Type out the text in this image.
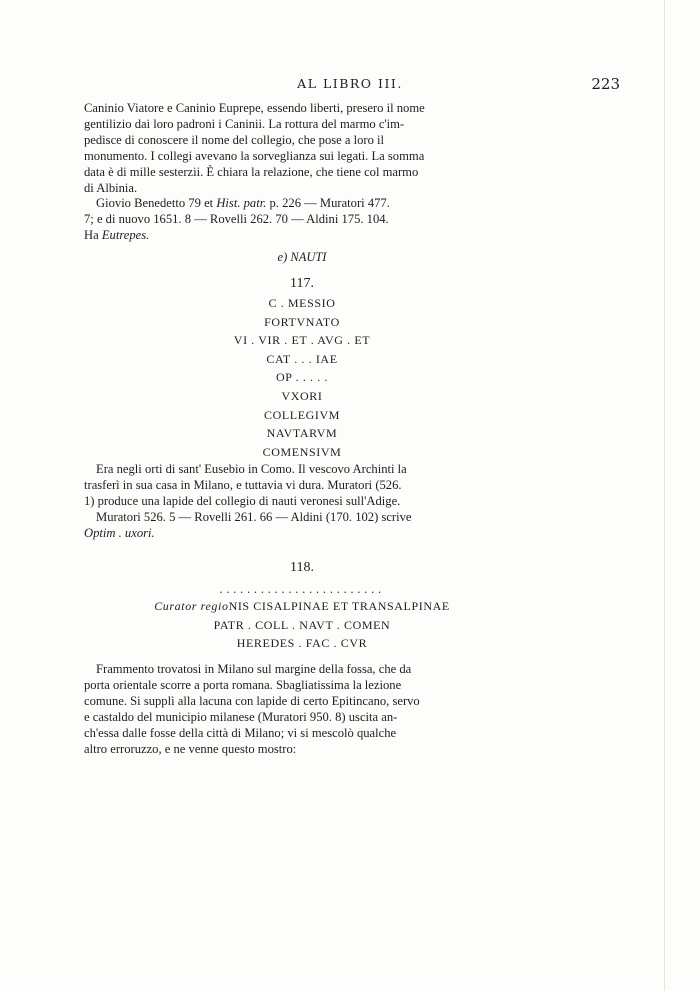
AL LIBRO III.	223
Caninio Viatore e Caninio Euprepe, essendo liberti, presero il nome
gentilizio dai loro padroni i Caninii. La rottura del marmo c'im-
pedisce di conoscere il nome del collegio, che pose a loro il
monumento. I collegi avevano la sorveglianza sui legati. La somma
data è di mille sesterzii. È chiara la relazione, che tiene col marmo
di Albinia.
Giovio Benedetto 79 et Hist. patr. p. 226 — Muratori 477.
7; e di nuovo 1651. 8 — Rovelli 262. 70 — Aldini 175. 104.
Ha Eutrepes.
e) NAUTI
117.
C . MESSIO
FORTVNATO
VI . VIR . ET . AVG . ET
CAT . . . IAE
OP . . . . .
VXORI
COLLEGIVM
NAVTARVM
COMENSIVM
Era negli orti di sant' Eusebio in Como. Il vescovo Archinti la
trasferì in sua casa in Milano, e tuttavia vi dura. Muratori (526.
1) produce una lapide del collegio di nauti veronesi sull'Adige.
Muratori 526. 5 — Rovelli 261. 66 — Aldini (170. 102) scrive
Optim . uxori.
118.
........................
Curator regioNIS CISALPINAE ET TRANSALPINAE
PATR . COLL . NAVT . COMEN
HEREDES . FAC . CVR
Frammento trovatosi in Milano sul margine della fossa, che da
porta orientale scorre a porta romana. Sbagliatissima la lezione
comune. Si supplì alla lacuna con lapide di certo Epitincano, servo
e castaldo del municipio milanese (Muratori 950. 8) uscita an-
ch'essa dalle fosse della città di Milano; vi si mescolò qualche
altro erroruzzo, e ne venne questo mostro:
